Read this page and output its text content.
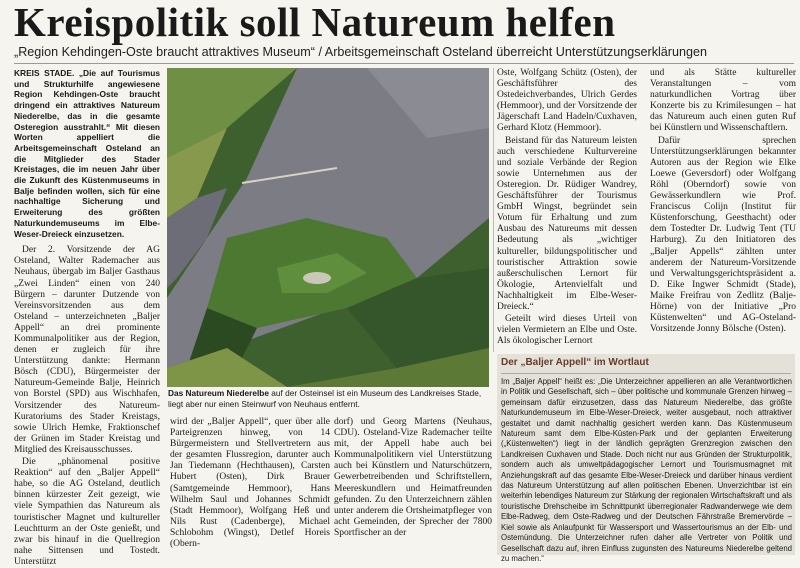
Kreispolitik soll Natureum helfen
„Region Kehdingen-Oste braucht attraktives Museum“ / Arbeitsgemeinschaft Osteland überreicht Unterstützungserklärungen

KREIS STADE. „Die auf Tourismus und Strukturhilfe angewiesene Region Kehdingen-Oste braucht dringend ein attraktives Natureum Niederelbe, das in die gesamte Osteregion ausstrahlt.“ Mit diesen Worten appelliert die Arbeitsgemeinschaft Osteland an die Mitglieder des Stader Kreistages, die im neuen Jahr über die Zukunft des Küstenmuseums in Balje befinden wollen, sich für eine nachhaltige Sicherung und Erweiterung des größten Naturkundemuseums im Elbe-Weser-Dreieck einzusetzen.

Der 2. Vorsitzende der AG Osteland, Walter Rademacher aus Neuhaus, übergab im Baljer Gasthaus „Zwei Linden“ einen von 240 Bürgern – darunter Dutzende von Vereinsvorsitzenden aus dem Osteland – unterzeichneten „Baljer Appell“ an drei prominente Kommunalpolitiker aus der Region, denen er zugleich für ihre Unterstützung dankte: Hermann Bösch (CDU), Bürgermeister der Natureum-Gemeinde Balje, Heinrich von Borstel (SPD) aus Wischhafen, Vorsitzender des Natureum-Kuratoriums des Stader Kreistags, sowie Ulrich Hemke, Fraktionschef der Grünen im Stader Kreistag und Mitglied des Kreisausschusses.

Die „phänomenal positive Reaktion“ auf den „Baljer Appell“ habe, so die AG Osteland, deutlich binnen kürzester Zeit gezeigt, wie viele Sympathien das Natureum als touristischer Magnet und kultureller Leuchtturm an der Oste genießt, und zwar bis hinauf in die Quellregion nahe Sittensen und Tostedt. Unterstützt

Das Natureum Niederelbe auf der Osteinsel ist ein Museum des Landkreises Stade, liegt aber nur einen Steinwurf von Neuhaus entfernt.

wird der „Baljer Appell“, quer über alle Parteigrenzen hinweg, von 14 Bürgermeistern und Stellvertretern aus der gesamten Flussregion, darunter auch Jan Tiedemann (Hechthausen), Carsten Hubert (Osten), Dirk Brauer (Samtgemeinde Hemmoor), Hans Wilhelm Saul und Johannes Schmidt (Stadt Hemmoor), Wolfgang Heß und Nils Rust (Cadenberge), Michael Schlobohm (Wingst), Detlef Horeis (Obern-

dorf) und Georg Martens (Neuhaus, CDU). Osteland-Vize Rademacher teilte mit, der Appell habe auch bei Kommunalpolitikern viel Unterstützung auch bei Künstlern und Naturschützern, Gewerbetreibenden und Schriftstellern, Meereskundlern und Heimatfreunden gefunden. Zu den Unterzeichnern zählen unter anderem die Ortsheimatpfleger von acht Gemeinden, der Sprecher der 7800 Sportfischer an der

Oste, Wolfgang Schütz (Osten), der Geschäftsführer des Ostedeichverbandes, Ulrich Gerdes (Hemmoor), und der Vorsitzende der Jägerschaft Land Hadeln/Cuxhaven, Gerhard Klotz (Hemmoor).

Beistand für das Natureum leisten auch verschiedene Kulturvereine und soziale Verbände der Region sowie Unternehmen aus der Osteregion. Dr. Rüdiger Wandrey, Geschäftsführer der Tourismus GmbH Wingst, begründet sein Votum für Erhaltung und zum Ausbau des Natureums mit dessen Bedeutung als „wichtiger kultureller, bildungspolitischer und touristischer Attraktion sowie außerschulischen Lernort für Ökologie, Artenvielfalt und Nachhaltigkeit im Elbe-Weser-Dreieck.“

Geteilt wird dieses Urteil von vielen Vermietern an Elbe und Oste. Als ökologischer Lernort

und als Stätte kultureller Veranstaltungen – vom naturkundlichen Vortrag über Konzerte bis zu Krimilesungen – hat das Natureum auch einen guten Ruf bei Künstlern und Wissenschaftlern.

Dafür sprechen Unterstützungserklärungen bekannter Autoren aus der Region wie Elke Loewe (Geversdorf) oder Wolfgang Röhl (Oberndorf) sowie von Gewässerkundlern wie Prof. Franciscus Colijn (Institut für Küstenforschung, Geesthacht) oder dem Tostedter Dr. Ludwig Tent (TU Harburg). Zu den Initiatoren des „Baljer Appells“ zählten unter anderem der Natureum-Vorsitzende und Verwaltungsgerichtspräsident a. D. Eike Ingwer Schmidt (Stade), Maike Freifrau von Zedlitz (Balje-Hörne) von der Initiative „Pro Küstenwelten“ und AG-Osteland-Vorsitzende Jonny Bölsche (Osten).

Der „Baljer Appell“ im Wortlaut
Im „Baljer Appell“ heißt es: „Die Unterzeichner appellieren an alle Verantwortlichen in Politik und Gesellschaft, sich – über politische und kommunale Grenzen hinweg – gemeinsam dafür einzusetzen, dass das Natureum Niederelbe, das größte Naturkundemuseum im Elbe-Weser-Dreieck, weiter ausgebaut, noch attraktiver gestaltet und damit nachhaltig gesichert werden kann. Das Küstenmuseum Natureum samt dem Elbe-Küsten-Park und der geplanten Erweiterung („Küstenwelten“) liegt in der ländlich geprägten Grenzregion zwischen den Landkreisen Cuxhaven und Stade. Doch nicht nur aus Gründen der Strukturpolitik, sondern auch als umweltpädagogischer Lernort und Tourismusmagnet mit Anziehungskraft auf das gesamte Elbe-Weser-Dreieck und darüber hinaus verdient das Natureum Unterstützung auf allen politischen Ebenen. Unverzichtbar ist ein weiterhin lebendiges Natureum zur Stärkung der regionalen Wirtschaftskraft und als touristische Drehscheibe im Schnittpunkt überregionaler Radwanderwege wie dem Elbe-Radweg, dem Oste-Radweg und der Deutschen Fährstraße Bremervörde – Kiel sowie als Anlaufpunkt für Wassersport und Wassertourismus an der Elb- und Ostemündung. Die Unterzeichner rufen daher alle Vertreter von Politik und Gesellschaft dazu auf, ihren Einfluss zugunsten des Natureums Niederelbe geltend zu machen.“
